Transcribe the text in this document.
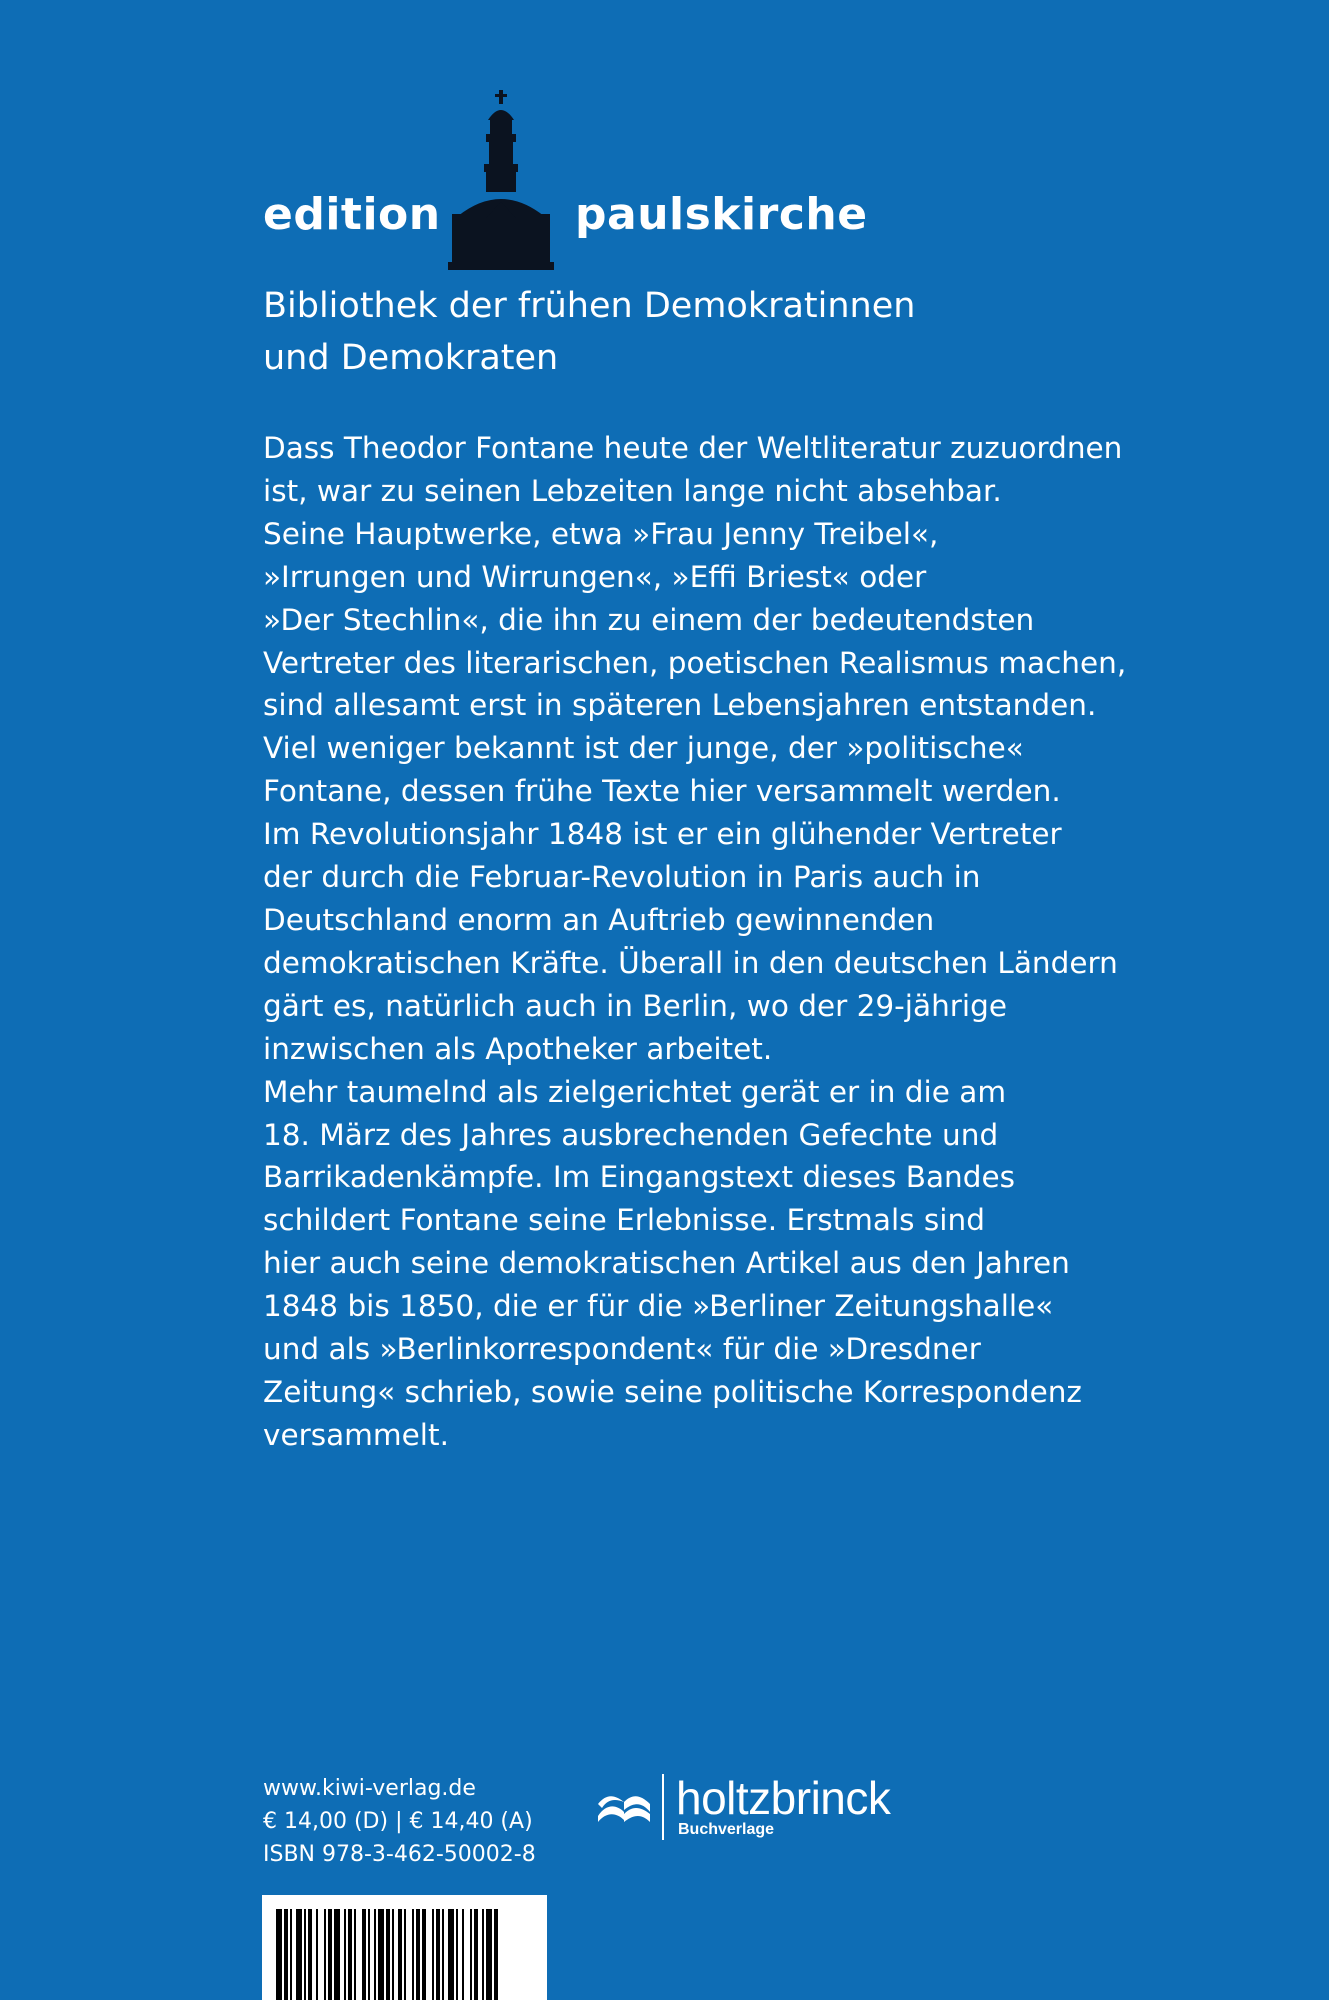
edition	paulskirche
Bibliothek der frühen Demokratinnen
und Demokraten
Dass Theodor Fontane heute der Weltliteratur zuzuordnen
ist, war zu seinen Lebzeiten lange nicht absehbar.
Seine Hauptwerke, etwa »Frau Jenny Treibel«,
»Irrungen und Wirrungen«, »Effi Briest« oder
»Der Stechlin«, die ihn zu einem der bedeutendsten
Vertreter des literarischen, poetischen Realismus machen,
sind allesamt erst in späteren Lebensjahren entstanden.
Viel weniger bekannt ist der junge, der »politische«
Fontane, dessen frühe Texte hier versammelt werden.
Im Revolutionsjahr 1848 ist er ein glühender Vertreter
der durch die Februar-Revolution in Paris auch in
Deutschland enorm an Auftrieb gewinnenden
demokratischen Kräfte. Überall in den deutschen Ländern
gärt es, natürlich auch in Berlin, wo der 29-jährige
inzwischen als Apotheker arbeitet.
Mehr taumelnd als zielgerichtet gerät er in die am
18. März des Jahres ausbrechenden Gefechte und
Barrikadenkämpfe. Im Eingangstext dieses Bandes
schildert Fontane seine Erlebnisse. Erstmals sind
hier auch seine demokratischen Artikel aus den Jahren
1848 bis 1850, die er für die »Berliner Zeitungshalle«
und als »Berlinkorrespondent« für die »Dresdner
Zeitung« schrieb, sowie seine politische Korrespondenz
versammelt.
www.kiwi-verlag.de
€ 14,00 (D) | € 14,40 (A)
ISBN 978-3-462-50002-8
holtzbrinck
Buchverlage
